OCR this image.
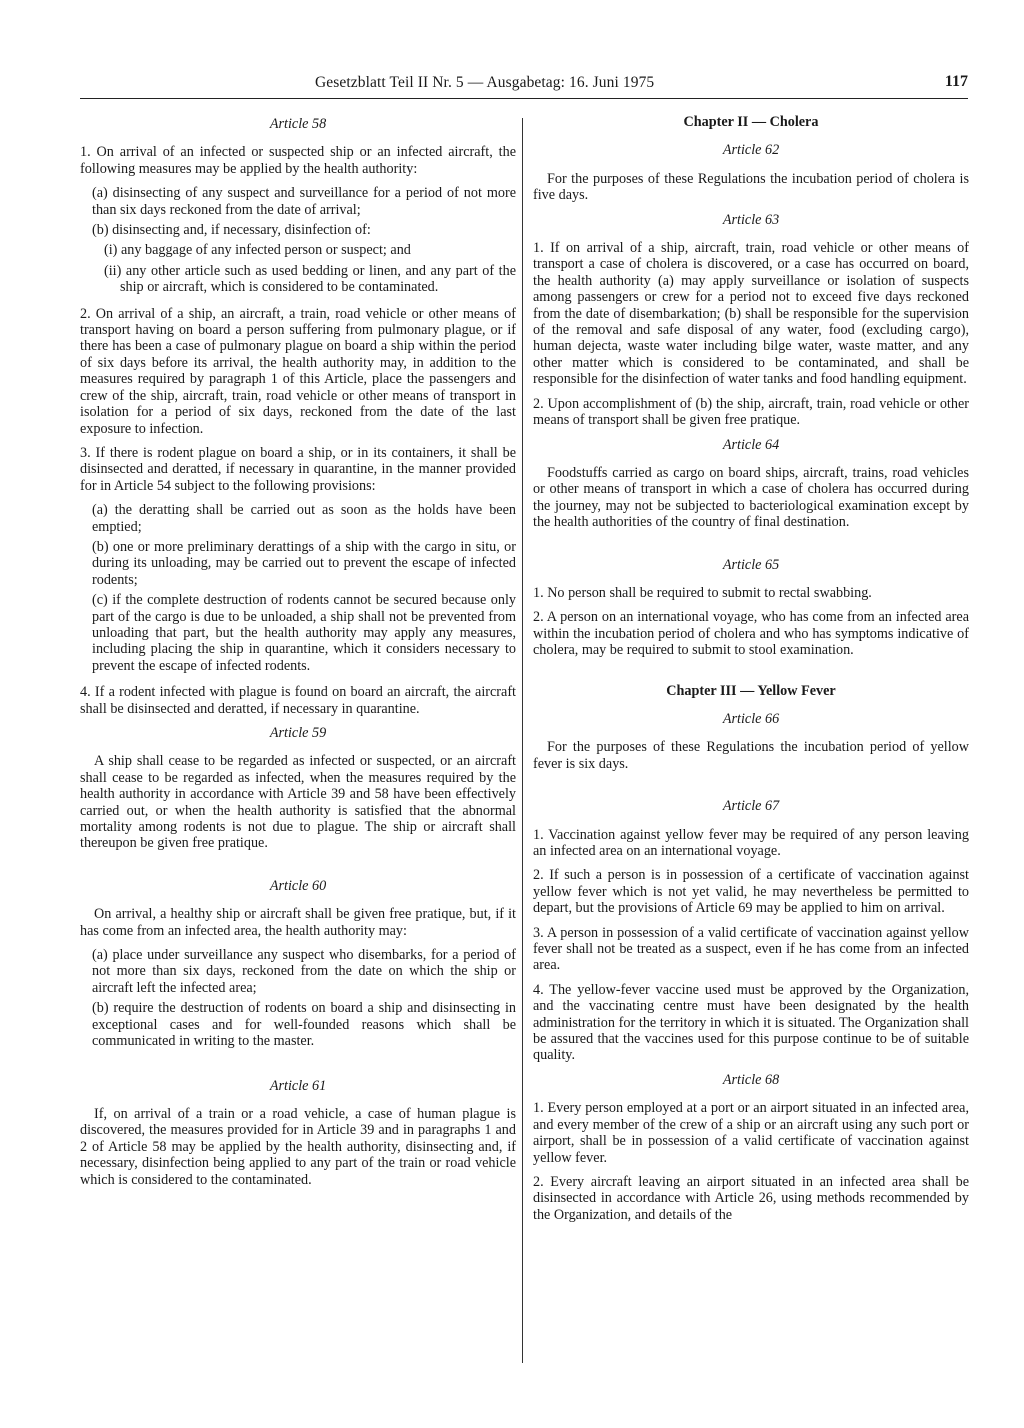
Gesetzblatt Teil II Nr. 5 — Ausgabetag: 16. Juni 1975	117
Article 58

1. On arrival of an infected or suspected ship or an infected aircraft, the following measures may be applied by the health authority:

(a) disinsecting of any suspect and surveillance for a period of not more than six days reckoned from the date of arrival;
(b) disinsecting and, if necessary, disinfection of:
(i) any baggage of any infected person or suspect; and
(ii) any other article such as used bedding or linen, and any part of the ship or aircraft, which is considered to be contaminated.

2. On arrival of a ship, an aircraft, a train, road vehicle or other means of transport having on board a person suffering from pulmonary plague, or if there has been a case of pulmonary plague on board a ship within the period of six days before its arrival, the health authority may, in addition to the measures required by paragraph 1 of this Article, place the passengers and crew of the ship, aircraft, train, road vehicle or other means of transport in isolation for a period of six days, reckoned from the date of the last exposure to infection.

3. If there is rodent plague on board a ship, or in its containers, it shall be disinsected and deratted, if necessary in quarantine, in the manner provided for in Article 54 subject to the following provisions:

(a) the deratting shall be carried out as soon as the holds have been emptied;
(b) one or more preliminary derattings of a ship with the cargo in situ, or during its unloading, may be carried out to prevent the escape of infected rodents;
(c) if the complete destruction of rodents cannot be secured because only part of the cargo is due to be unloaded, a ship shall not be prevented from unloading that part, but the health authority may apply any measures, including placing the ship in quarantine, which it considers necessary to prevent the escape of infected rodents.

4. If a rodent infected with plague is found on board an aircraft, the aircraft shall be disinsected and deratted, if necessary in quarantine.

Article 59

A ship shall cease to be regarded as infected or suspected, or an aircraft shall cease to be regarded as infected, when the measures required by the health authority in accordance with Article 39 and 58 have been effectively carried out, or when the health authority is satisfied that the abnormal mortality among rodents is not due to plague. The ship or aircraft shall thereupon be given free pratique.

Article 60

On arrival, a healthy ship or aircraft shall be given free pratique, but, if it has come from an infected area, the health authority may:

(a) place under surveillance any suspect who disembarks, for a period of not more than six days, reckoned from the date on which the ship or aircraft left the infected area;
(b) require the destruction of rodents on board a ship and disinsecting in exceptional cases and for well-founded reasons which shall be communicated in writing to the master.
Article 61

If, on arrival of a train or a road vehicle, a case of human plague is discovered, the measures provided for in Article 39 and in paragraphs 1 and 2 of Article 58 may be applied by the health authority, disinsecting and, if necessary, disinfection being applied to any part of the train or road vehicle which is considered to the contaminated.

Chapter II — Cholera
Article 62

For the purposes of these Regulations the incubation period of cholera is five days.

Article 63

1. If on arrival of a ship, aircraft, train, road vehicle or other means of transport a case of cholera is discovered, or a case has occurred on board, the health authority (a) may apply surveillance or isolation of suspects among passengers or crew for a period not to exceed five days reckoned from the date of disembarkation; (b) shall be responsible for the supervision of the removal and safe disposal of any water, food (excluding cargo), human dejecta, waste water including bilge water, waste matter, and any other matter which is considered to be contaminated, and shall be responsible for the disinfection of water tanks and food handling equipment.

2. Upon accomplishment of (b) the ship, aircraft, train, road vehicle or other means of transport shall be given free pratique.

Article 64

Foodstuffs carried as cargo on board ships, aircraft, trains, road vehicles or other means of transport in which a case of cholera has occurred during the journey, may not be subjected to bacteriological examination except by the health authorities of the country of final destination.

Article 65

1. No person shall be required to submit to rectal swabbing.

2. A person on an international voyage, who has come from an infected area within the incubation period of cholera and who has symptoms indicative of cholera, may be required to submit to stool examination.

Chapter III — Yellow Fever
Article 66

For the purposes of these Regulations the incubation period of yellow fever is six days.

Article 67

1. Vaccination against yellow fever may be required of any person leaving an infected area on an international voyage.

2. If such a person is in possession of a certificate of vaccination against yellow fever which is not yet valid, he may nevertheless be permitted to depart, but the provisions of Article 69 may be applied to him on arrival.

3. A person in possession of a valid certificate of vaccination against yellow fever shall not be treated as a suspect, even if he has come from an infected area.

4. The yellow-fever vaccine used must be approved by the Organization, and the vaccinating centre must have been designated by the health administration for the territory in which it is situated. The Organization shall be assured that the vaccines used for this purpose continue to be of suitable quality.

Article 68

1. Every person employed at a port or an airport situated in an infected area, and every member of the crew of a ship or an aircraft using any such port or airport, shall be in possession of a valid certificate of vaccination against yellow fever.

2. Every aircraft leaving an airport situated in an infected area shall be disinsected in accordance with Article 26, using methods recommended by the Organization, and details of the
